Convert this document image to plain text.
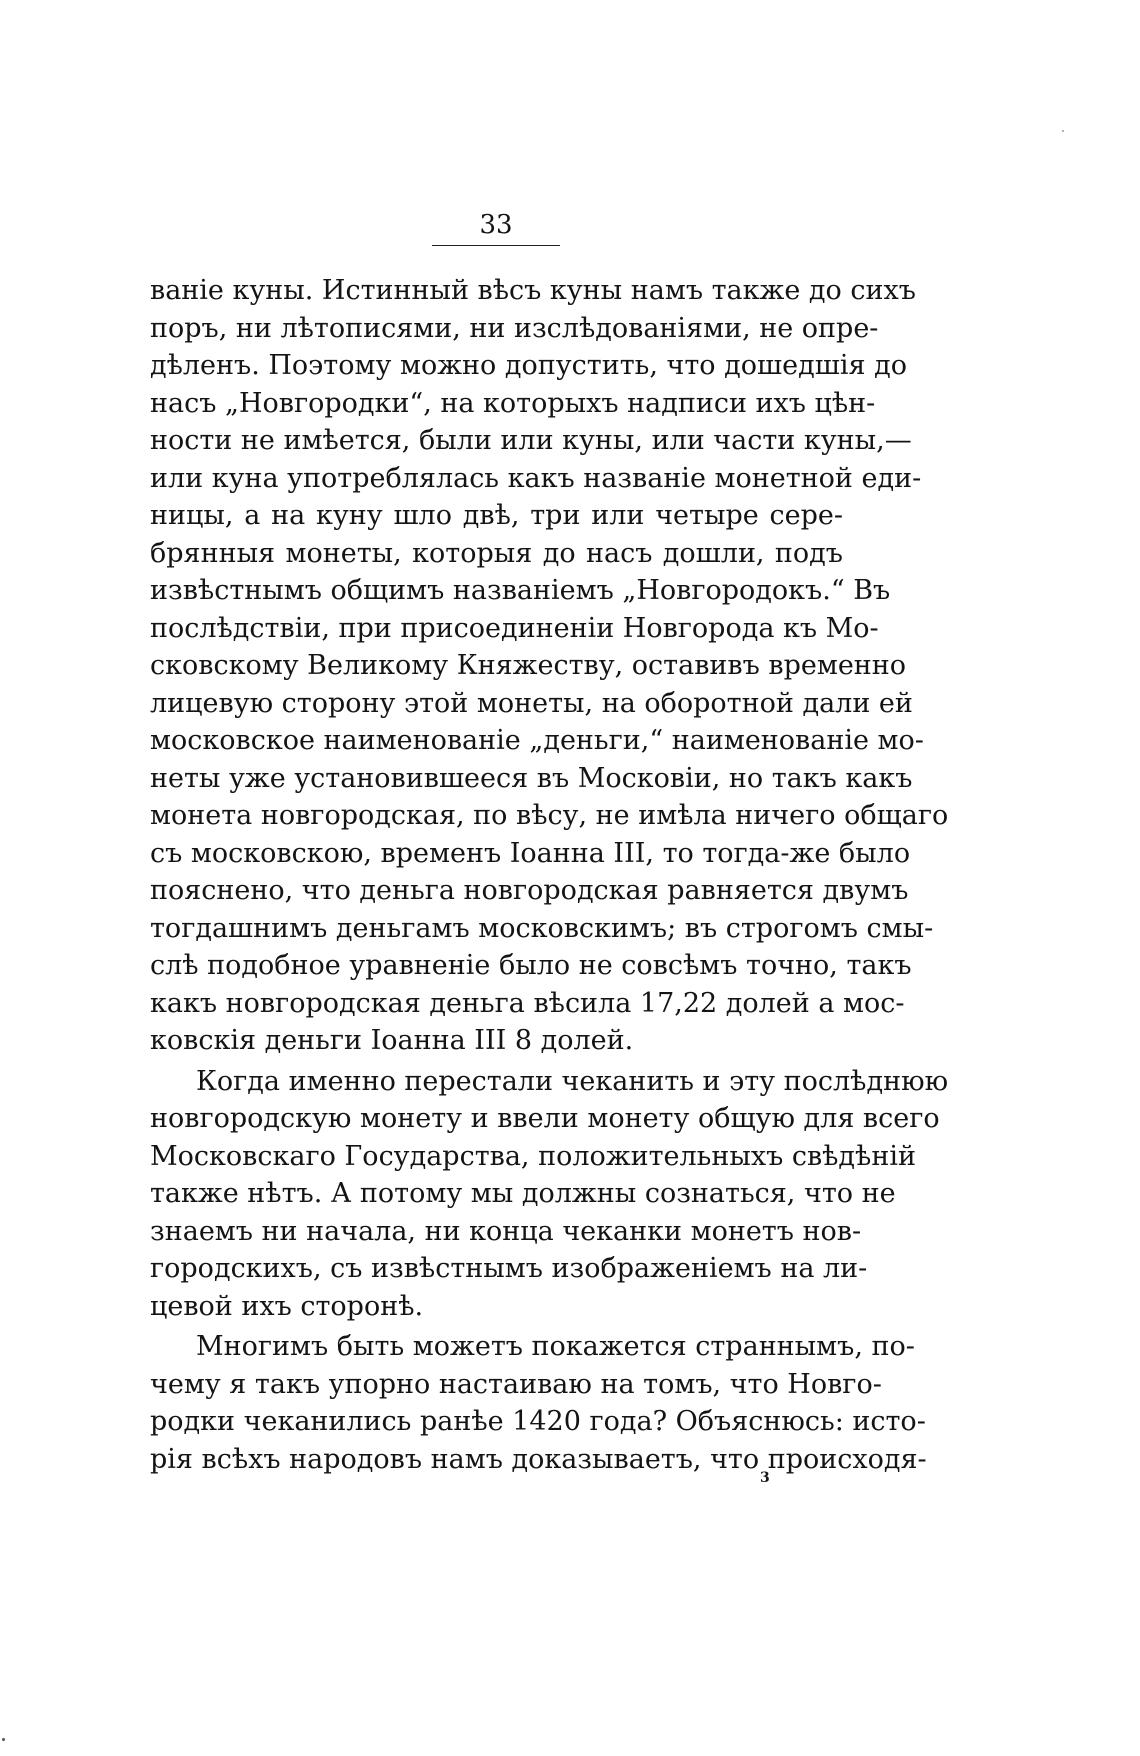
33
ваніе куны. Истинный вѣсъ куны намъ также до сихъ
поръ, ни лѣтописями, ни изслѣдованіями, не опре-
дѣленъ. Поэтому можно допустить, что дошедшія до
насъ „Новгородки“, на которыхъ надписи ихъ цѣн-
ности не имѣется, были или куны, или части куны,—
или куна употреблялась какъ названіе монетной еди-
ницы, а на куну шло двѣ, три или четыре сере-
брянныя монеты, которыя до насъ дошли, подъ
извѣстнымъ общимъ названіемъ „Новгородокъ.“ Въ
послѣдствіи, при присоединеніи Новгорода къ Мо-
сковскому Великому Княжеству, оставивъ временно
лицевую сторону этой монеты, на оборотной дали ей
московское наименованіе „деньги,“ наименованіе мо-
неты уже установившееся въ Московіи, но такъ какъ
монета новгородская, по вѣсу, не имѣла ничего общаго
съ московскою, временъ Іоанна III, то тогда-же было
пояснено, что деньга новгородская равняется двумъ
тогдашнимъ деньгамъ московскимъ; въ строгомъ смы-
слѣ подобное уравненіе было не совсѣмъ точно, такъ
какъ новгородская деньга вѣсила 17,22 долей а мос-
ковскія деньги Іоанна III 8 долей.
Когда именно перестали чеканить и эту послѣднюю
новгородскую монету и ввели монету общую для всего
Московскаго Государства, положительныхъ свѣдѣній
также нѣтъ. А потому мы должны сознаться, что не
знаемъ ни начала, ни конца чеканки монетъ нов-
городскихъ, съ извѣстнымъ изображеніемъ на ли-
цевой ихъ сторонѣ.
Многимъ быть можетъ покажется страннымъ, по-
чему я такъ упорно настаиваю на томъ, что Новго-
родки чеканились ранѣе 1420 года? Объяснюсь: исто-
рія всѣхъ народовъ намъ доказываетъ, что происходя-
3
